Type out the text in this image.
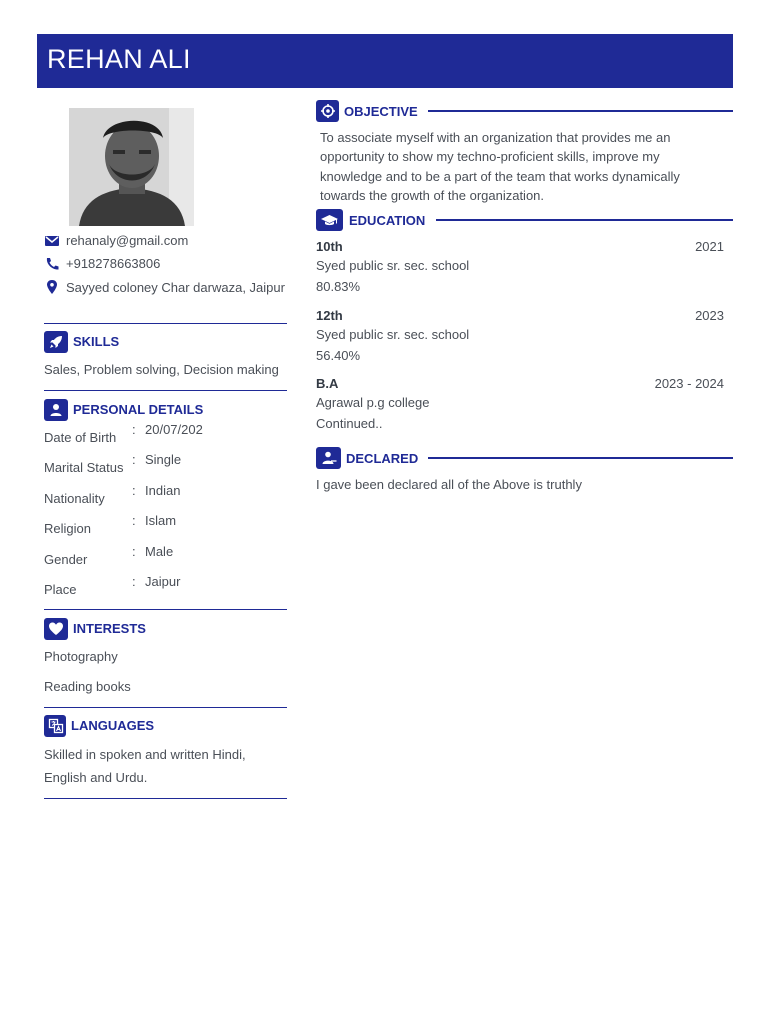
REHAN ALI
rehanaly@gmail.com
+918278663806
Sayyed coloney Char darwaza, Jaipur
SKILLS
Sales, Problem solving, Decision making
PERSONAL DETAILS
Date of Birth
: 20/07/202
Marital Status
: Single
Nationality
: Indian
Religion
: Islam
Gender
: Male
Place
: Jaipur
INTERESTS
Photography
Reading books
LANGUAGES
Skilled in spoken and written Hindi,
English and Urdu.
OBJECTIVE
To associate myself with an organization that provides me an opportunity to show my techno-proficient skills, improve my knowledge and to be a part of the team that works dynamically towards the growth of the organization.
EDUCATION
10th	2021
Syed public sr. sec. school
80.83%
12th	2023
Syed public sr. sec. school
56.40%
B.A	2023 - 2024
Agrawal p.g college
Continued..
DECLARED
I gave been declared all of the Above is truthly
